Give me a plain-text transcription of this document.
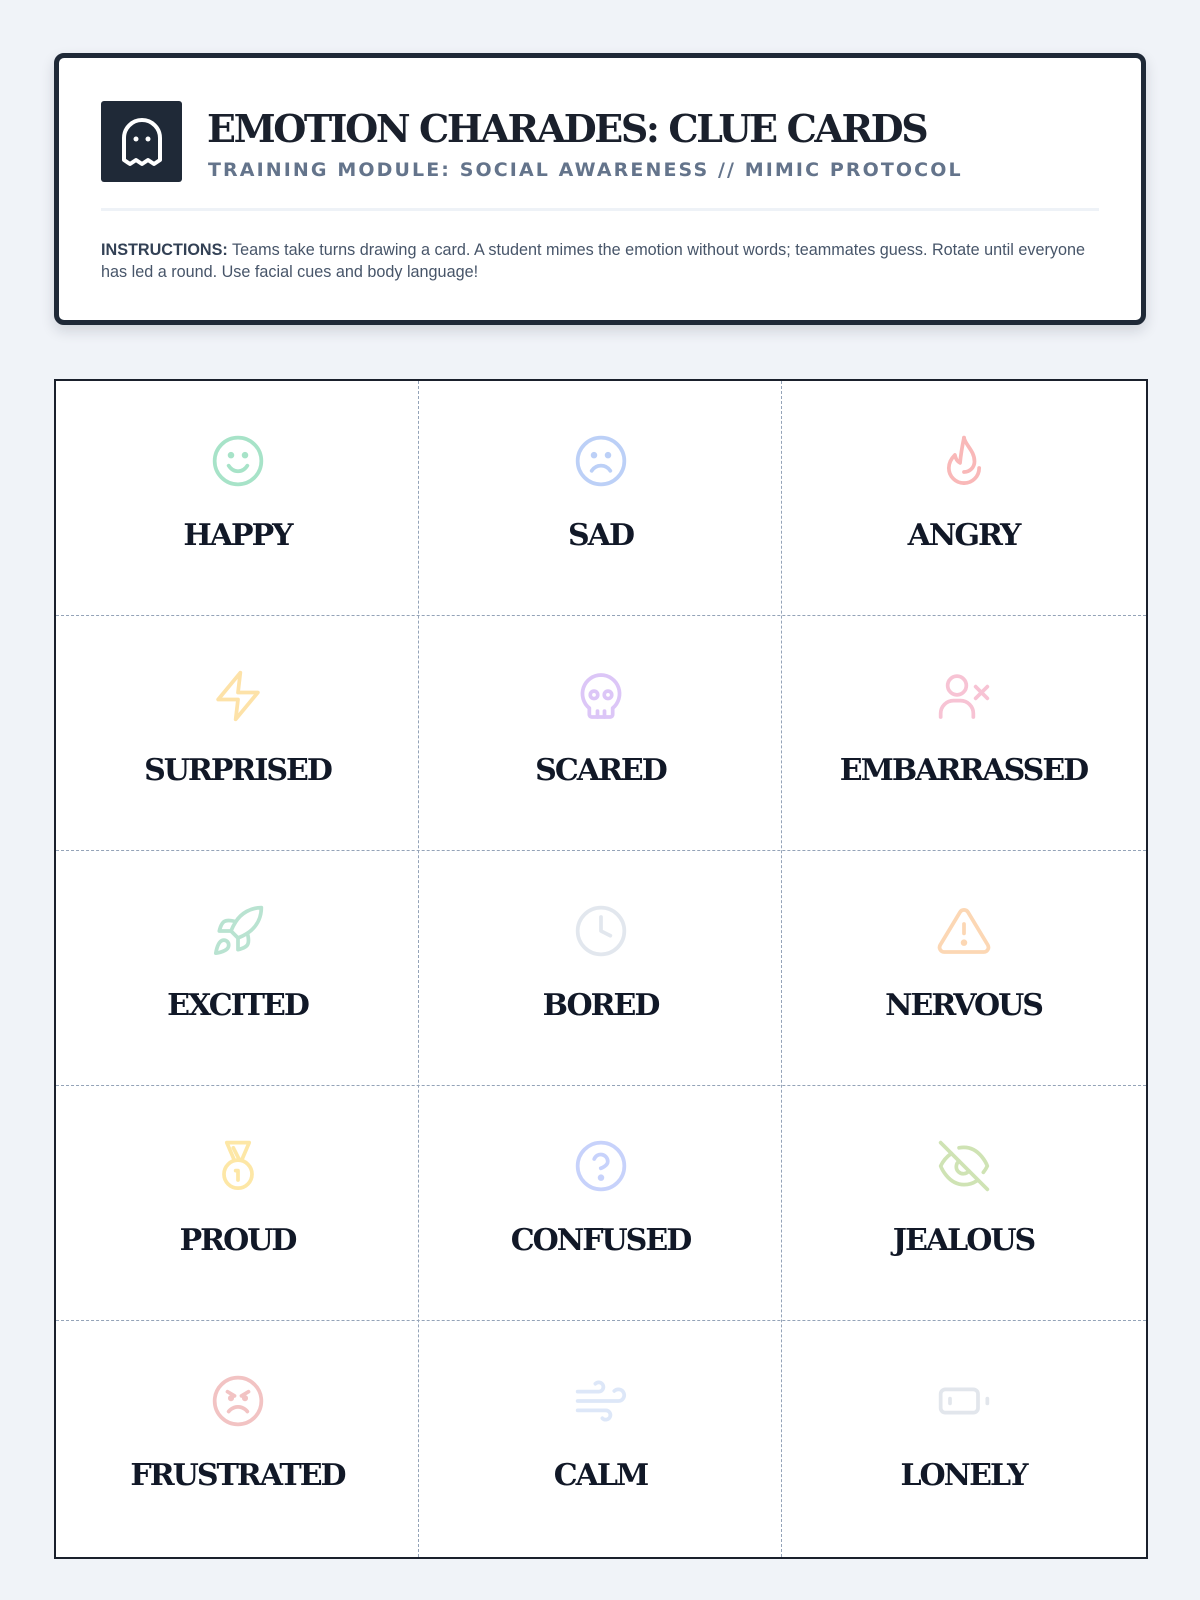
EMOTION CHARADES: CLUE CARDS
TRAINING MODULE: SOCIAL AWARENESS // MIMIC PROTOCOL

INSTRUCTIONS: Teams take turns drawing a card. A student mimes the emotion without words; teammates guess. Rotate until everyone has led a round. Use facial cues and body language!

HAPPY	SAD	ANGRY
SURPRISED	SCARED	EMBARRASSED
EXCITED	BORED	NERVOUS
PROUD	CONFUSED	JEALOUS
FRUSTRATED	CALM	LONELY
